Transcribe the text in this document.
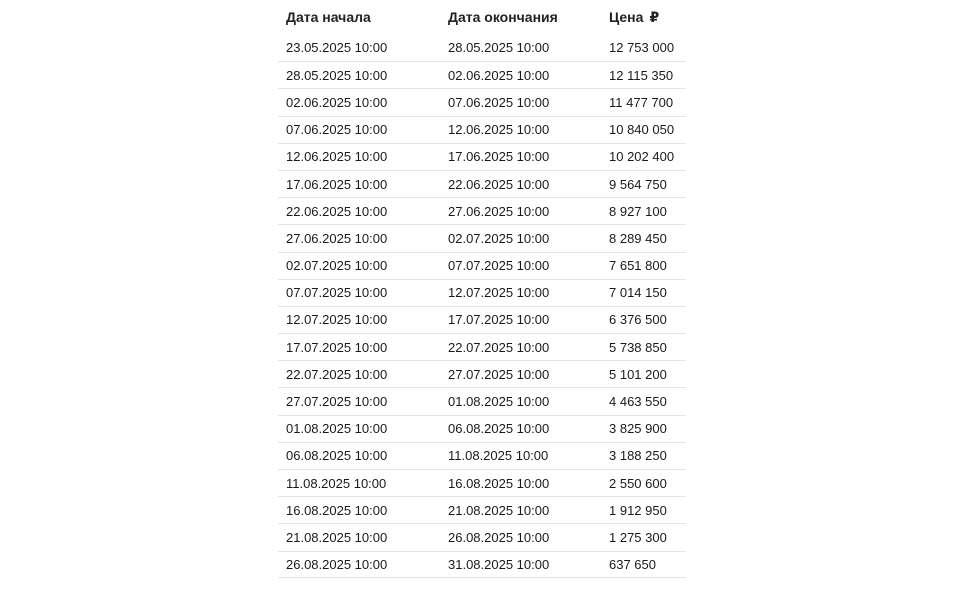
Дата начала	Дата окончания	Цена ₽
23.05.2025 10:00	28.05.2025 10:00	12 753 000
28.05.2025 10:00	02.06.2025 10:00	12 115 350
02.06.2025 10:00	07.06.2025 10:00	11 477 700
07.06.2025 10:00	12.06.2025 10:00	10 840 050
12.06.2025 10:00	17.06.2025 10:00	10 202 400
17.06.2025 10:00	22.06.2025 10:00	9 564 750
22.06.2025 10:00	27.06.2025 10:00	8 927 100
27.06.2025 10:00	02.07.2025 10:00	8 289 450
02.07.2025 10:00	07.07.2025 10:00	7 651 800
07.07.2025 10:00	12.07.2025 10:00	7 014 150
12.07.2025 10:00	17.07.2025 10:00	6 376 500
17.07.2025 10:00	22.07.2025 10:00	5 738 850
22.07.2025 10:00	27.07.2025 10:00	5 101 200
27.07.2025 10:00	01.08.2025 10:00	4 463 550
01.08.2025 10:00	06.08.2025 10:00	3 825 900
06.08.2025 10:00	11.08.2025 10:00	3 188 250
11.08.2025 10:00	16.08.2025 10:00	2 550 600
16.08.2025 10:00	21.08.2025 10:00	1 912 950
21.08.2025 10:00	26.08.2025 10:00	1 275 300
26.08.2025 10:00	31.08.2025 10:00	637 650
